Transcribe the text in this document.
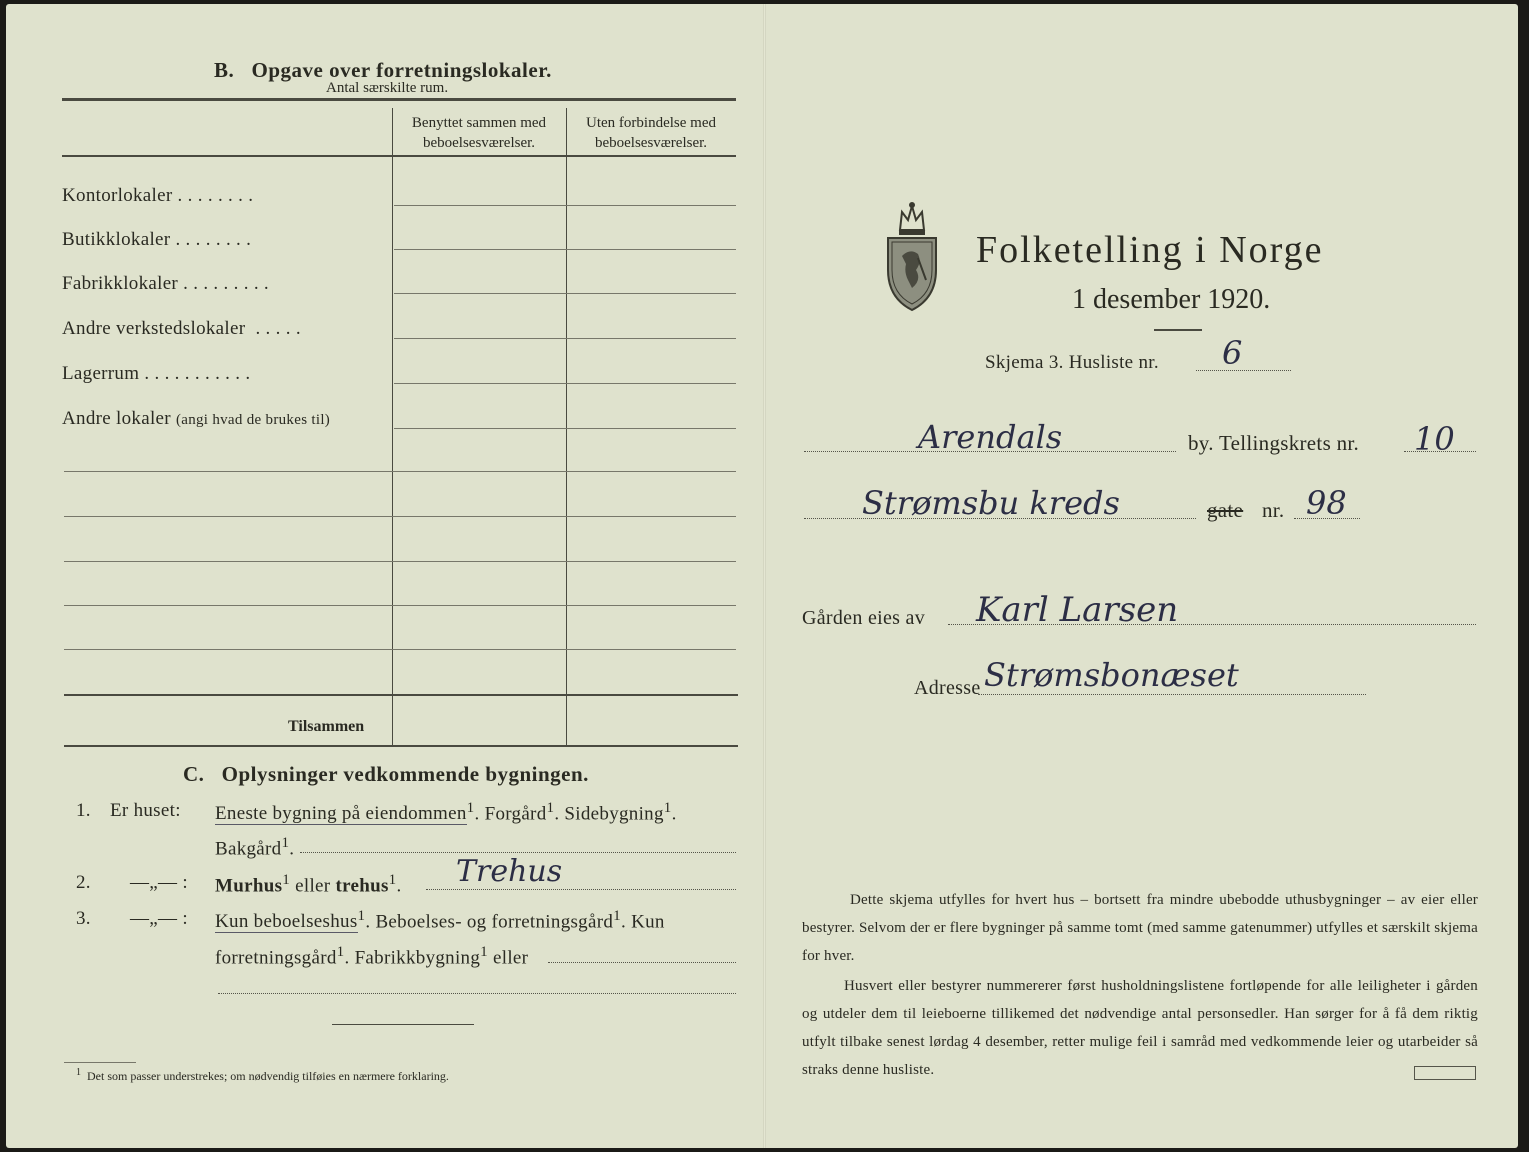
B. Opgave over forretningslokaler.
Antal særskilte rum.
Benyttet sammen med beboelsesværelser.
Uten forbindelse med beboelsesværelser.
Kontorlokaler . . . . . . . .
Butikklokaler . . . . . . . .
Fabrikklokaler . . . . . . . . .
Andre verkstedslokaler . . . . .
Lagerrum . . . . . . . . . . .
Andre lokaler (angi hvad de brukes til)
Tilsammen
C. Oplysninger vedkommende bygningen.
1. Er huset: Eneste bygning på eiendommen$^1$. Forgård$^1$. Sidebygning$^1$.
Bakgård$^1$.
2. —„— : Murhus$^1$ eller trehus$^1$. Trehus
3. —„— : Kun beboelseshus$^1$. Beboelses- og forretningsgård$^1$. Kun
forretningsgård$^1$. Fabrikkbygning$^1$ eller
$^1$ Det som passer understrekes; om nødvendig tilføies en nærmere forklaring.
Folketelling i Norge
1 desember 1920.
Skjema 3. Husliste nr. 6
Arendals	by. Tellingskrets nr. 10
Strømsbu kreds	gate nr. 98
Gården eies av Karl Larsen
Adresse Strømsbonæset
Dette skjema utfylles for hvert hus – bortsett fra mindre ubebodde uthusbygninger – av eier eller bestyrer. Selvom der er flere bygninger på samme tomt (med samme gatenummer) utfylles et særskilt skjema for hver.
Husvert eller bestyrer nummererer først husholdningslistene fortløpende for alle leiligheter i gården og utdeler dem til leieboerne tillikemed det nødvendige antal personsedler. Han sørger for å få dem riktig utfylt tilbake senest lørdag 4 desember, retter mulige feil i samråd med vedkommende leier og utarbeider så straks denne husliste.
